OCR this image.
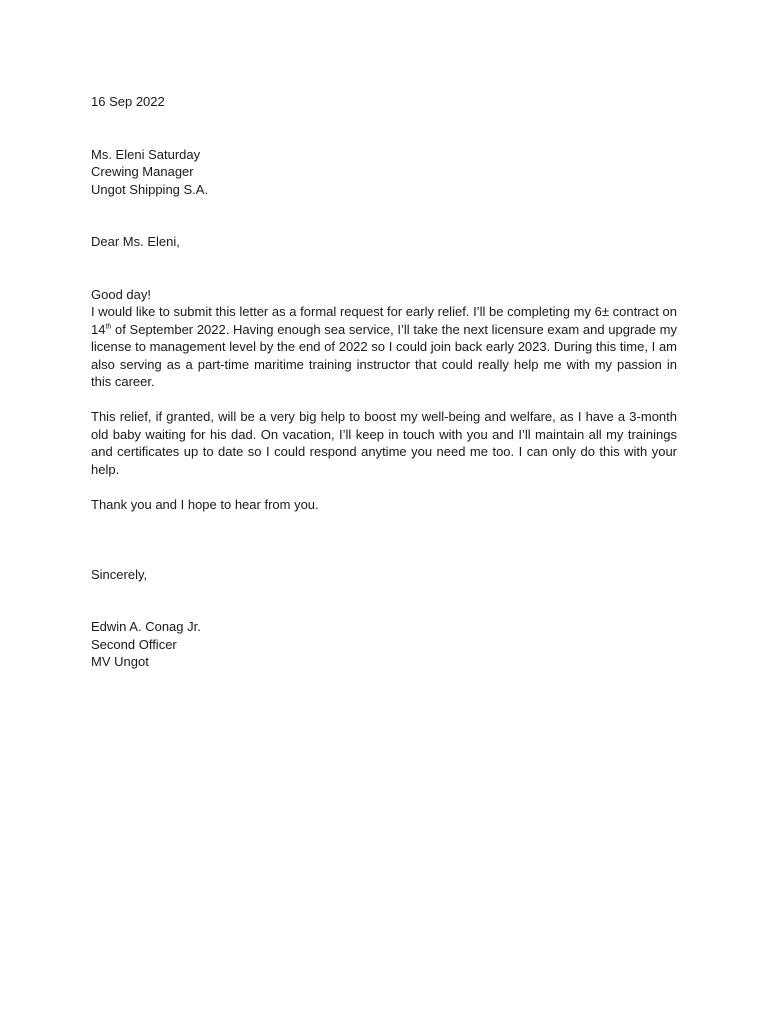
16 Sep 2022
Ms. Eleni Saturday
Crewing Manager
Ungot Shipping S.A.
Dear Ms. Eleni,
Good day!

I would like to submit this letter as a formal request for early relief. I’ll be completing my 6± contract on 14th of September 2022. Having enough sea service, I’ll take the next licensure exam and upgrade my license to management level by the end of 2022 so I could join back early 2023. During this time, I am also serving as a part-time maritime training instructor that could really help me with my passion in this career.

This relief, if granted, will be a very big help to boost my well-being and welfare, as I have a 3-month old baby waiting for his dad. On vacation, I’ll keep in touch with you and I’ll maintain all my trainings and certificates up to date so I could respond anytime you need me too. I can only do this with your help.

Thank you and I hope to hear from you.
Sincerely,
Edwin A. Conag Jr.
Second Officer
MV Ungot
